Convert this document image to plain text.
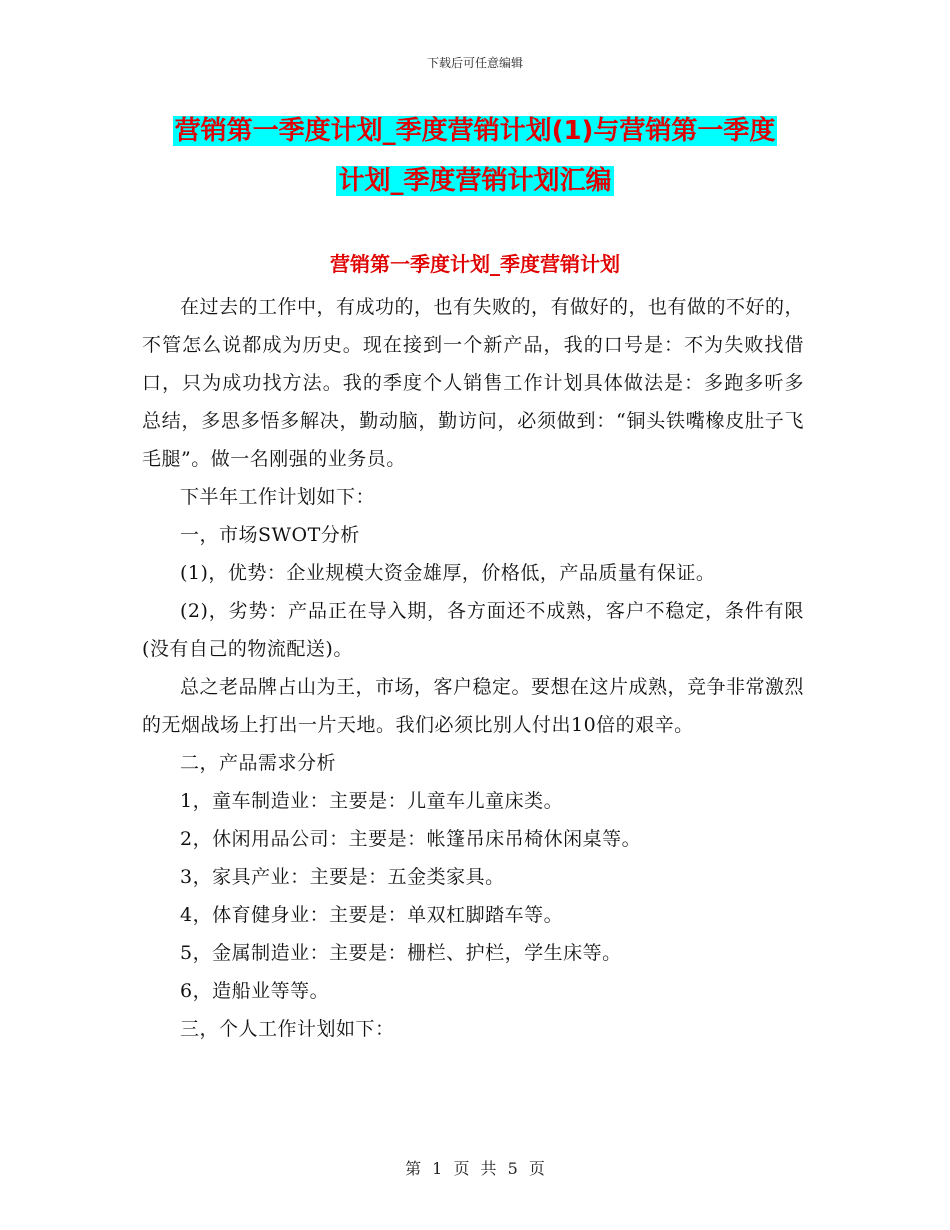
下载后可任意编辑
营销第一季度计划_季度营销计划(1)与营销第一季度
计划_季度营销计划汇编
营销第一季度计划_季度营销计划

在过去的工作中，有成功的，也有失败的，有做好的，也有做的不好的，不管怎么说都成为历史。现在接到一个新产品，我的口号是：不为失败找借口，只为成功找方法。我的季度个人销售工作计划具体做法是：多跑多听多总结，多思多悟多解决，勤动脑，勤访问，必须做到：“铜头铁嘴橡皮肚子飞毛腿”。做一名刚强的业务员。

下半年工作计划如下：

一，市场SWOT分析

(1)，优势：企业规模大资金雄厚，价格低，产品质量有保证。

(2)，劣势：产品正在导入期，各方面还不成熟，客户不稳定，条件有限(没有自己的物流配送)。

总之老品牌占山为王，市场，客户稳定。要想在这片成熟，竞争非常激烈的无烟战场上打出一片天地。我们必须比别人付出10倍的艰辛。

二，产品需求分析

1，童车制造业：主要是：儿童车儿童床类。

2，休闲用品公司：主要是：帐篷吊床吊椅休闲桌等。

3，家具产业：主要是：五金类家具。

4，体育健身业：主要是：单双杠脚踏车等。

5，金属制造业：主要是：栅栏、护栏，学生床等。

6，造船业等等。

三，个人工作计划如下：

第 1 页 共 5 页
